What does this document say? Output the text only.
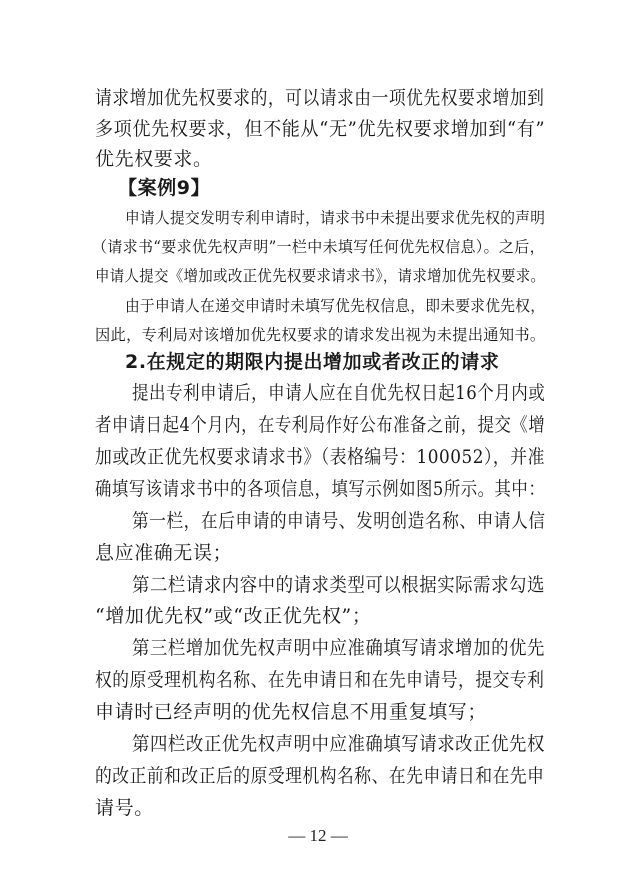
请求增加优先权要求的，可以请求由一项优先权要求增加到
多项优先权要求，但不能从“无”优先权要求增加到“有”
优先权要求。
【案例9】
申请人提交发明专利申请时，请求书中未提出要求优先权的声明
（请求书“要求优先权声明”一栏中未填写任何优先权信息）。之后，
申请人提交《增加或改正优先权要求请求书》，请求增加优先权要求。
由于申请人在递交申请时未填写优先权信息，即未要求优先权，
因此，专利局对该增加优先权要求的请求发出视为未提出通知书。
2.在规定的期限内提出增加或者改正的请求
提出专利申请后，申请人应在自优先权日起16个月内或
者申请日起4个月内，在专利局作好公布准备之前，提交《增
加或改正优先权要求请求书》（表格编号：100052），并准
确填写该请求书中的各项信息，填写示例如图5所示。其中：
第一栏，在后申请的申请号、发明创造名称、申请人信
息应准确无误；
第二栏请求内容中的请求类型可以根据实际需求勾选
“增加优先权”或“改正优先权”；
第三栏增加优先权声明中应准确填写请求增加的优先
权的原受理机构名称、在先申请日和在先申请号，提交专利
申请时已经声明的优先权信息不用重复填写；
第四栏改正优先权声明中应准确填写请求改正优先权
的改正前和改正后的原受理机构名称、在先申请日和在先申
请号。
— 12 —
